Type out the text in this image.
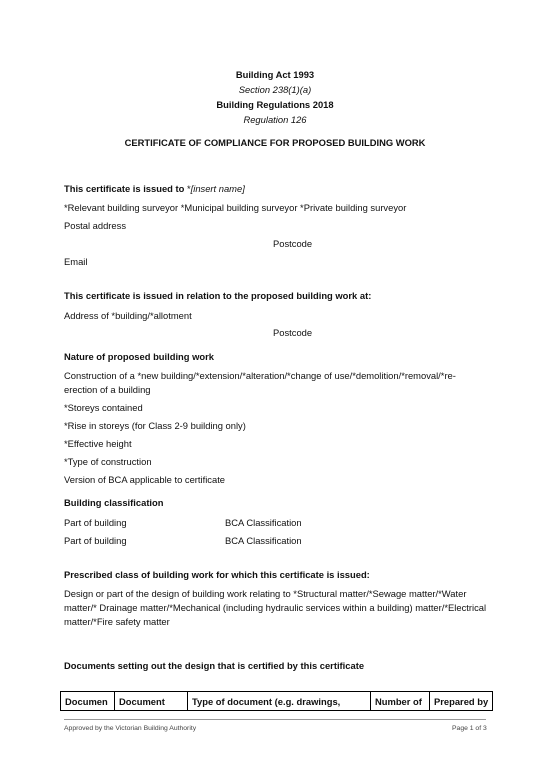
Building Act 1993
Section 238(1)(a)
Building Regulations 2018
Regulation 126
CERTIFICATE OF COMPLIANCE FOR PROPOSED BUILDING WORK
This certificate is issued to *[insert name]
*Relevant building surveyor *Municipal building surveyor *Private building surveyor
Postal address
Postcode
Email
This certificate is issued in relation to the proposed building work at:
Address of *building/*allotment
Postcode
Nature of proposed building work
Construction of a *new building/*extension/*alteration/*change of use/*demolition/*removal/*re-erection of a building
*Storeys contained
*Rise in storeys (for Class 2-9 building only)
*Effective height
*Type of construction
Version of BCA applicable to certificate
Building classification
Part of building	BCA Classification
Part of building	BCA Classification
Prescribed class of building work for which this certificate is issued:
Design or part of the design of building work relating to *Structural matter/*Sewage matter/*Water matter/* Drainage matter/*Mechanical (including hydraulic services within a building) matter/*Electrical matter/*Fire safety matter
Documents setting out the design that is certified by this certificate
Documen	Document	Type of document (e.g. drawings,	Number of	Prepared by
Approved by the Victorian Building Authority	Page 1 of 3
